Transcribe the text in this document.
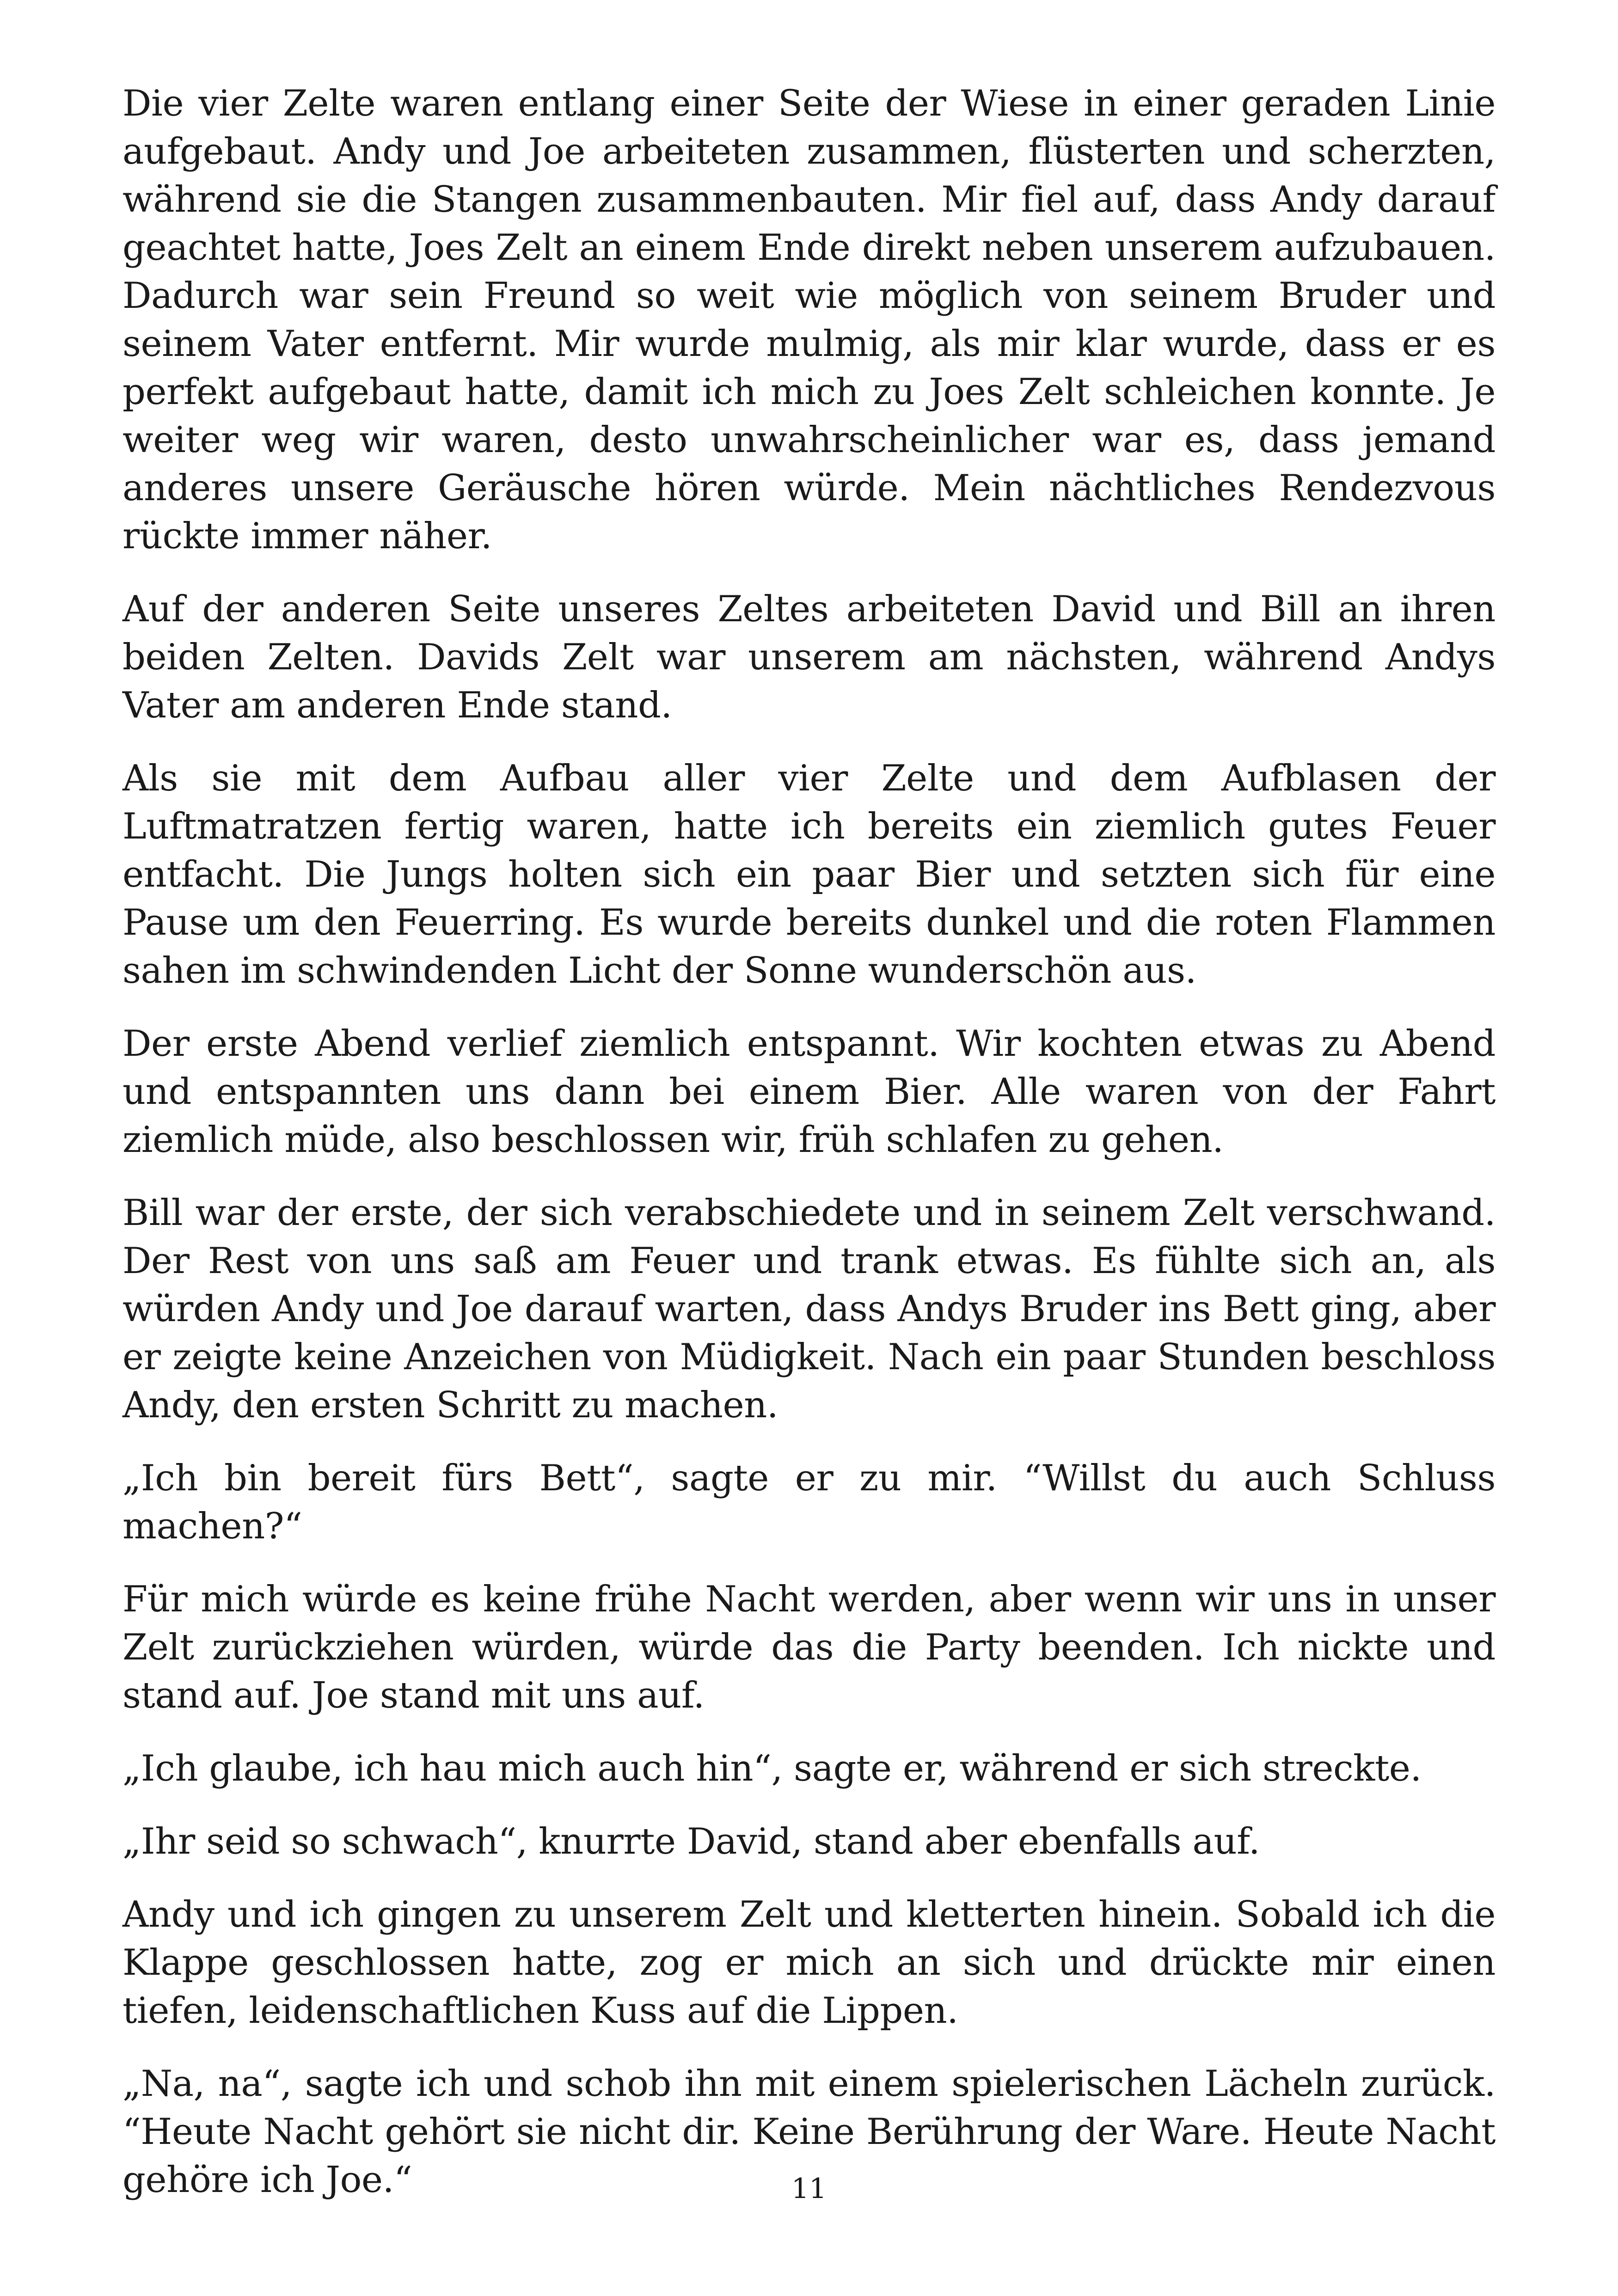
Die vier Zelte waren entlang einer Seite der Wiese in einer geraden Linie aufgebaut. Andy und Joe arbeiteten zusammen, flüsterten und scherzten, während sie die Stangen zusammenbauten. Mir fiel auf, dass Andy darauf geachtet hatte, Joes Zelt an einem Ende direkt neben unserem aufzubauen. Dadurch war sein Freund so weit wie möglich von seinem Bruder und seinem Vater entfernt. Mir wurde mulmig, als mir klar wurde, dass er es perfekt aufgebaut hatte, damit ich mich zu Joes Zelt schleichen konnte. Je weiter weg wir waren, desto unwahrscheinlicher war es, dass jemand anderes unsere Geräusche hören würde. Mein nächtliches Rendezvous rückte immer näher.

Auf der anderen Seite unseres Zeltes arbeiteten David und Bill an ihren beiden Zelten. Davids Zelt war unserem am nächsten, während Andys Vater am anderen Ende stand.

Als sie mit dem Aufbau aller vier Zelte und dem Aufblasen der Luftmatratzen fertig waren, hatte ich bereits ein ziemlich gutes Feuer entfacht. Die Jungs holten sich ein paar Bier und setzten sich für eine Pause um den Feuerring. Es wurde bereits dunkel und die roten Flammen sahen im schwindenden Licht der Sonne wunderschön aus.

Der erste Abend verlief ziemlich entspannt. Wir kochten etwas zu Abend und entspannten uns dann bei einem Bier. Alle waren von der Fahrt ziemlich müde, also beschlossen wir, früh schlafen zu gehen.

Bill war der erste, der sich verabschiedete und in seinem Zelt verschwand. Der Rest von uns saß am Feuer und trank etwas. Es fühlte sich an, als würden Andy und Joe darauf warten, dass Andys Bruder ins Bett ging, aber er zeigte keine Anzeichen von Müdigkeit. Nach ein paar Stunden beschloss Andy, den ersten Schritt zu machen.

„Ich bin bereit fürs Bett“, sagte er zu mir. “Willst du auch Schluss machen?“

Für mich würde es keine frühe Nacht werden, aber wenn wir uns in unser Zelt zurückziehen würden, würde das die Party beenden. Ich nickte und stand auf. Joe stand mit uns auf.

„Ich glaube, ich hau mich auch hin“, sagte er, während er sich streckte.

„Ihr seid so schwach“, knurrte David, stand aber ebenfalls auf.

Andy und ich gingen zu unserem Zelt und kletterten hinein. Sobald ich die Klappe geschlossen hatte, zog er mich an sich und drückte mir einen tiefen, leidenschaftlichen Kuss auf die Lippen.

„Na, na“, sagte ich und schob ihn mit einem spielerischen Lächeln zurück. “Heute Nacht gehört sie nicht dir. Keine Berührung der Ware. Heute Nacht gehöre ich Joe.“	11
